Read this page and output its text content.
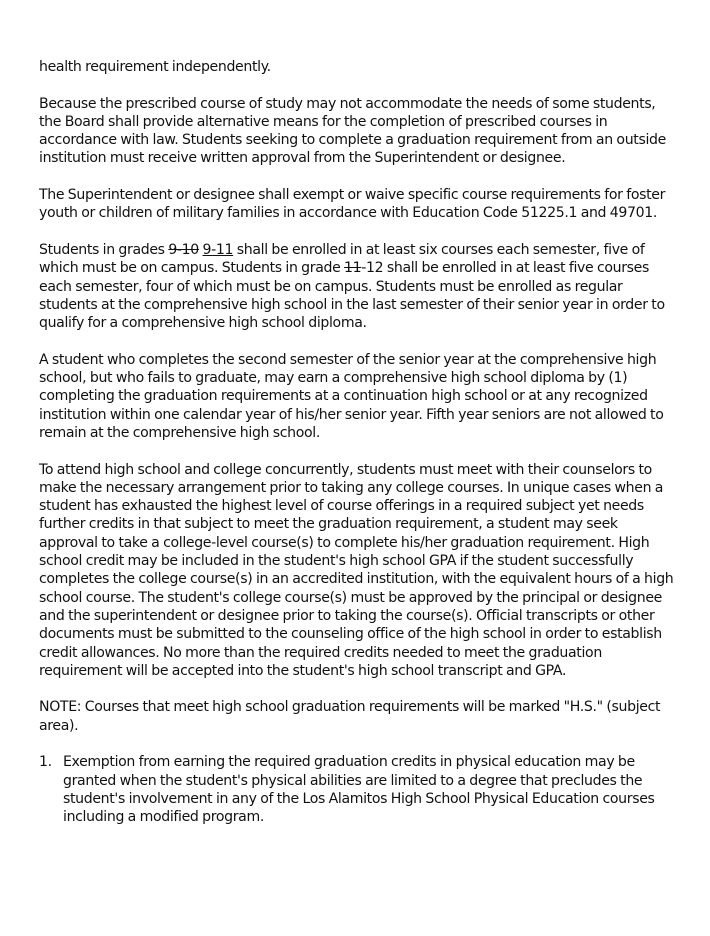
health requirement independently.

Because the prescribed course of study may not accommodate the needs of some students, the Board shall provide alternative means for the completion of prescribed courses in accordance with law. Students seeking to complete a graduation requirement from an outside institution must receive written approval from the Superintendent or designee.

The Superintendent or designee shall exempt or waive specific course requirements for foster youth or children of military families in accordance with Education Code 51225.1 and 49701.

Students in grades 9-10 9-11 shall be enrolled in at least six courses each semester, five of which must be on campus. Students in grade 11-12 shall be enrolled in at least five courses each semester, four of which must be on campus. Students must be enrolled as regular students at the comprehensive high school in the last semester of their senior year in order to qualify for a comprehensive high school diploma.

A student who completes the second semester of the senior year at the comprehensive high school, but who fails to graduate, may earn a comprehensive high school diploma by (1) completing the graduation requirements at a continuation high school or at any recognized institution within one calendar year of his/her senior year. Fifth year seniors are not allowed to remain at the comprehensive high school.

To attend high school and college concurrently, students must meet with their counselors to make the necessary arrangement prior to taking any college courses. In unique cases when a student has exhausted the highest level of course offerings in a required subject yet needs further credits in that subject to meet the graduation requirement, a student may seek approval to take a college-level course(s) to complete his/her graduation requirement. High school credit may be included in the student's high school GPA if the student successfully completes the college course(s) in an accredited institution, with the equivalent hours of a high school course. The student's college course(s) must be approved by the principal or designee and the superintendent or designee prior to taking the course(s). Official transcripts or other documents must be submitted to the counseling office of the high school in order to establish credit allowances. No more than the required credits needed to meet the graduation requirement will be accepted into the student's high school transcript and GPA.

NOTE: Courses that meet high school graduation requirements will be marked "H.S." (subject area).

1. Exemption from earning the required graduation credits in physical education may be granted when the student's physical abilities are limited to a degree that precludes the student's involvement in any of the Los Alamitos High School Physical Education courses including a modified program.
